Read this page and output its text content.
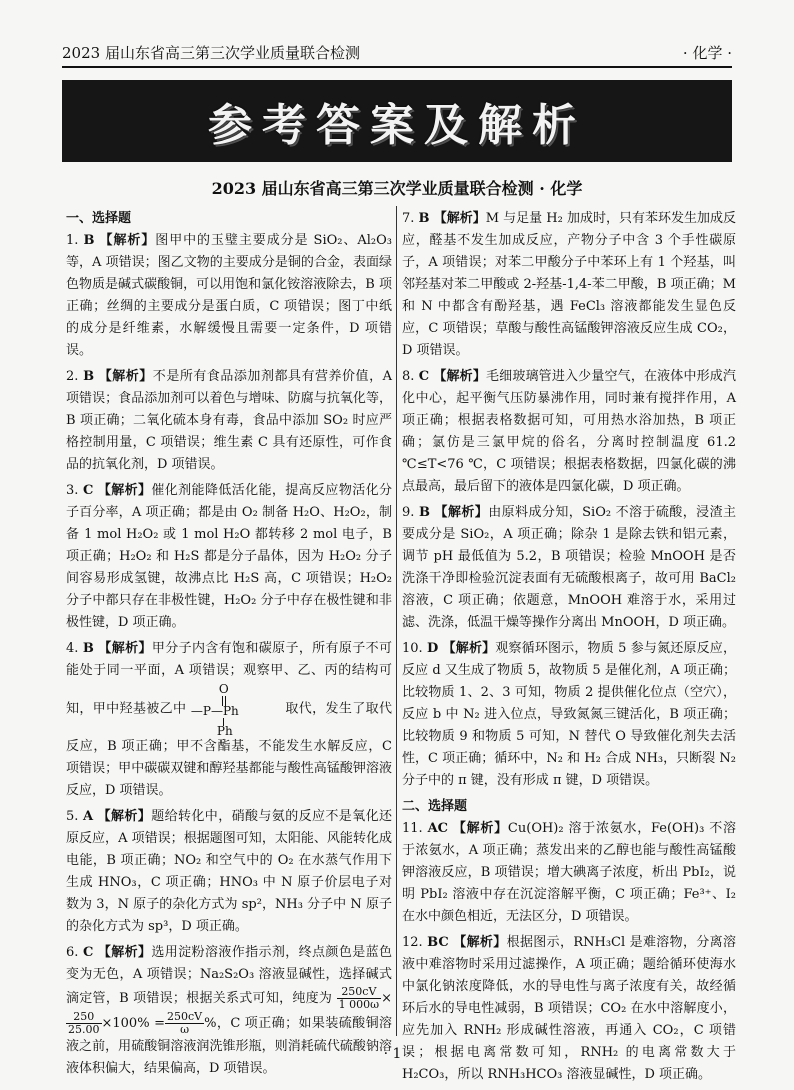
2023 届山东省高三第三次学业质量联合检测	· 化学 ·
参考答案及解析
2023 届山东省高三第三次学业质量联合检测 · 化学

一、选择题

1. B 【解析】图甲中的玉璧主要成分是 SiO₂、Al₂O₃ 等，A 项错误；图乙文物的主要成分是铜的合金，表面绿色物质是碱式碳酸铜，可以用饱和氯化铵溶液除去，B 项正确；丝绸的主要成分是蛋白质，C 项错误；图丁中纸的成分是纤维素，水解缓慢且需要一定条件，D 项错误。

2. B 【解析】不是所有食品添加剂都具有营养价值，A 项错误；食品添加剂可以着色与增味、防腐与抗氧化等，B 项正确；二氧化硫本身有毒，食品中添加 SO₂ 时应严格控制用量，C 项错误；维生素 C 具有还原性，可作食品的抗氧化剂，D 项错误。

3. C 【解析】催化剂能降低活化能，提高反应物活化分子百分率，A 项正确；都是由 O₂ 制备 H₂O、H₂O₂，制备 1 mol H₂O₂ 或 1 mol H₂O 都转移 2 mol 电子，B 项正确；H₂O₂ 和 H₂S 都是分子晶体，因为 H₂O₂ 分子间容易形成氢键，故沸点比 H₂S 高，C 项错误；H₂O₂ 分子中都只存在非极性键，H₂O₂ 分子中存在极性键和非极性键，D 项正确。

4. B 【解析】甲分子内含有饱和碳原子，所有原子不可能处于同一平面，A 项错误；观察甲、乙、丙的结构可知，甲中羟基被乙中
O
—P—Ph
Ph
取代，发生了取代反应，B 项正确；甲不含酯基，不能发生水解反应，C 项错误；甲中碳碳双键和醇羟基都能与酸性高锰酸钾溶液反应，D 项错误。

5. A 【解析】题给转化中，硝酸与氨的反应不是氧化还原反应，A 项错误；根据题图可知，太阳能、风能转化成电能，B 项正确；NO₂ 和空气中的 O₂ 在水蒸气作用下生成 HNO₃，C 项正确；HNO₃ 中 N 原子价层电子对数为 3，N 原子的杂化方式为 sp²，NH₃ 分子中 N 原子的杂化方式为 sp³，D 项正确。

6. C 【解析】选用淀粉溶液作指示剂，终点颜色是蓝色变为无色，A 项错误；Na₂S₂O₃ 溶液显碱性，选择碱式滴定管，B 项错误；根据关系式可知，纯度为 $\frac{250cV}{1 000\omega}$ ×
$\frac{250}{25.00} \times 100\% = \frac{250cV}{\omega}$ %，C 项正确；如果装硫酸铜溶液之前，用硫酸铜溶液润洗锥形瓶，则消耗硫代硫酸钠溶液体积偏大，结果偏高，D 项错误。

7. B 【解析】M 与足量 H₂ 加成时，只有苯环发生加成反应，醛基不发生加成反应，产物分子中含 3 个手性碳原子，A 项错误；对苯二甲酸分子中苯环上有 1 个羟基，叫邻羟基对苯二甲酸或 2-羟基-1,4-苯二甲酸，B 项正确；M 和 N 中都含有酚羟基，遇 FeCl₃ 溶液都能发生显色反应，C 项错误；草酸与酸性高锰酸钾溶液反应生成 CO₂，D 项错误。

8. C 【解析】毛细玻璃管进入少量空气，在液体中形成汽化中心，起平衡气压防暴沸作用，同时兼有搅拌作用，A 项正确；根据表格数据可知，可用热水浴加热，B 项正确；氯仿是三氯甲烷的俗名，分离时控制温度 61.2 ℃≤T<76 ℃，C 项错误；根据表格数据，四氯化碳的沸点最高，最后留下的液体是四氯化碳，D 项正确。

9. B 【解析】由原料成分知，SiO₂ 不溶于硫酸，浸渣主要成分是 SiO₂，A 项正确；除杂 1 是除去铁和铝元素，调节 pH 最低值为 5.2，B 项错误；检验 MnOOH 是否洗涤干净即检验沉淀表面有无硫酸根离子，故可用 BaCl₂ 溶液，C 项正确；依题意，MnOOH 难溶于水，采用过滤、洗涤，低温干燥等操作分离出 MnOOH，D 项正确。

10. D 【解析】观察循环图示，物质 5 参与氮还原反应，反应 d 又生成了物质 5，故物质 5 是催化剂，A 项正确；比较物质 1、2、3 可知，物质 2 提供催化位点（空穴），反应 b 中 N₂ 进入位点，导致氮氮三键活化，B 项正确；比较物质 9 和物质 5 可知，N 替代 O 导致催化剂失去活性，C 项正确；循环中，N₂ 和 H₂ 合成 NH₃，只断裂 N₂ 分子中的 π 键，没有形成 π 键，D 项错误。

二、选择题

11. AC 【解析】Cu(OH)₂ 溶于浓氨水，Fe(OH)₃ 不溶于浓氨水，A 项正确；蒸发出来的乙醇也能与酸性高锰酸钾溶液反应，B 项错误；增大碘离子浓度，析出 PbI₂，说明 PbI₂ 溶液中存在沉淀溶解平衡，C 项正确；Fe³⁺、I₂ 在水中颜色相近，无法区分，D 项错误。

12. BC 【解析】根据图示，RNH₃Cl 是难溶物，分离溶液中难溶物时采用过滤操作，A 项正确；题给循环使海水中氯化钠浓度降低，水的导电性与离子浓度有关，故经循环后水的导电性减弱，B 项错误；CO₂ 在水中溶解度小，应先加入 RNH₂ 形成碱性溶液，再通入 CO₂，C 项错误；根据电离常数可知，RNH₂ 的电离常数大于 H₂CO₃，所以 RNH₃HCO₃ 溶液显碱性，D 项正确。

· 1 ·
